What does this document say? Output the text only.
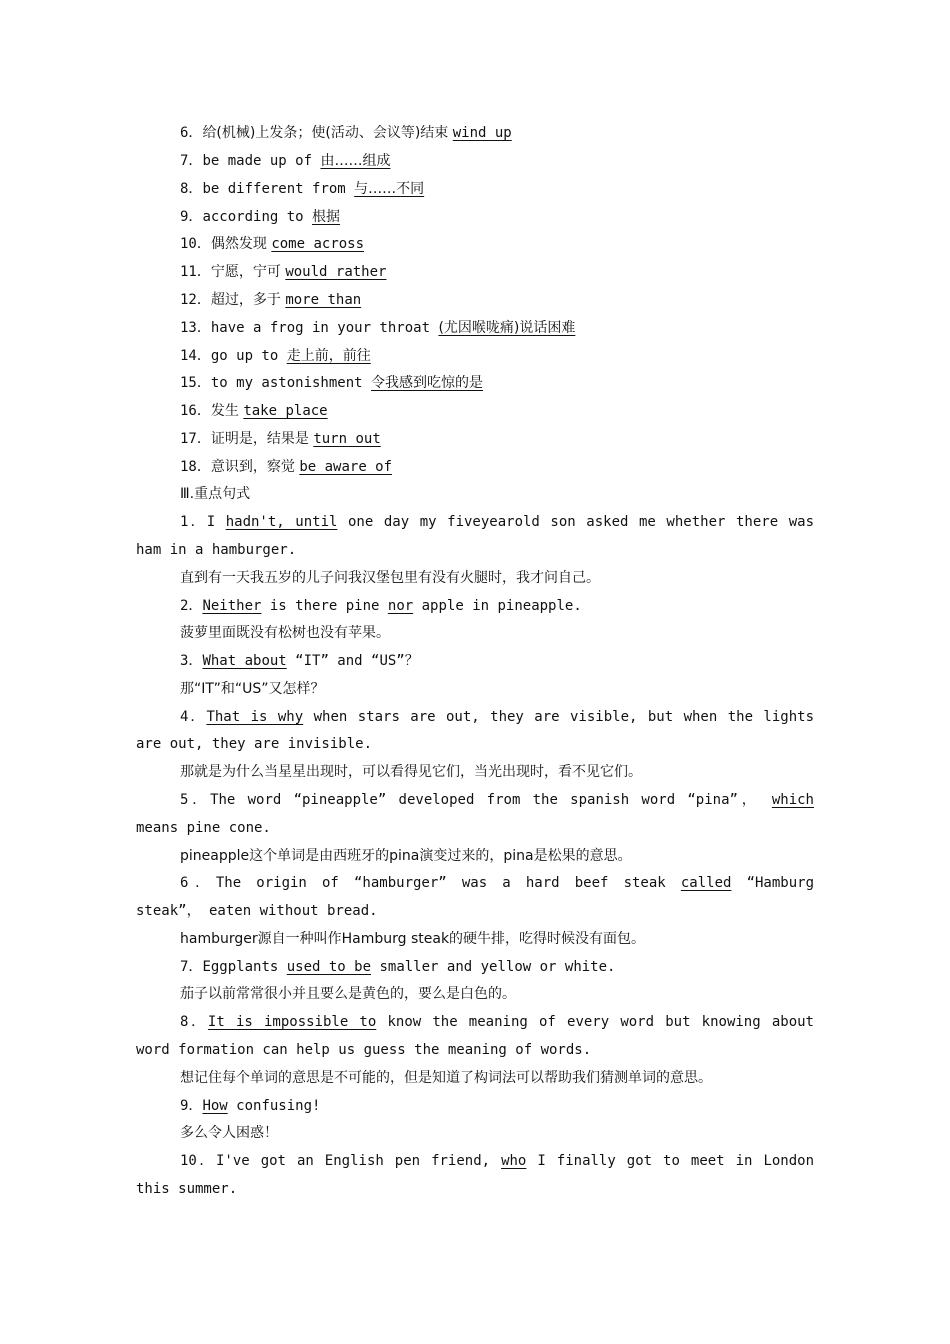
6．给(机械)上发条；使(活动、会议等)结束 wind up
7．be made up of 由……组成
8．be different from 与……不同
9．according to 根据
10．偶然发现 come across
11．宁愿，宁可 would rather
12．超过，多于 more than
13．have a frog in your throat (尤因喉咙痛)说话困难
14．go up to 走上前，前往
15．to my astonishment 令我感到吃惊的是
16．发生 take place
17．证明是，结果是 turn out
18．意识到，察觉 be aware of
Ⅲ.重点句式
1．I hadn't, until one day my fiveyearold son asked me whether there was
ham in a hamburger.
直到有一天我五岁的儿子问我汉堡包里有没有火腿时，我才问自己。
2．Neither is there pine nor apple in pineapple.
菠萝里面既没有松树也没有苹果。
3．What about “IT” and “US”？
那“IT”和“US”又怎样？
4．That is why when stars are out, they are visible, but when the lights
are out, they are invisible.
那就是为什么当星星出现时，可以看得见它们，当光出现时，看不见它们。
5．The word “pineapple” developed from the spanish word “pina”， which
means pine cone.
pineapple这个单词是由西班牙的pina演变过来的，pina是松果的意思。
6．The origin of “hamburger” was a hard beef steak called “Hamburg
steak”， eaten without bread.
hamburger源自一种叫作Hamburg steak的硬牛排，吃得时候没有面包。
7．Eggplants used to be smaller and yellow or white.
茄子以前常常很小并且要么是黄色的，要么是白色的。
8．It is impossible to know the meaning of every word but knowing about
word formation can help us guess the meaning of words.
想记住每个单词的意思是不可能的，但是知道了构词法可以帮助我们猜测单词的意思。
9．How confusing!
多么令人困惑！
10．I've got an English pen friend, who I finally got to meet in London
this summer.
